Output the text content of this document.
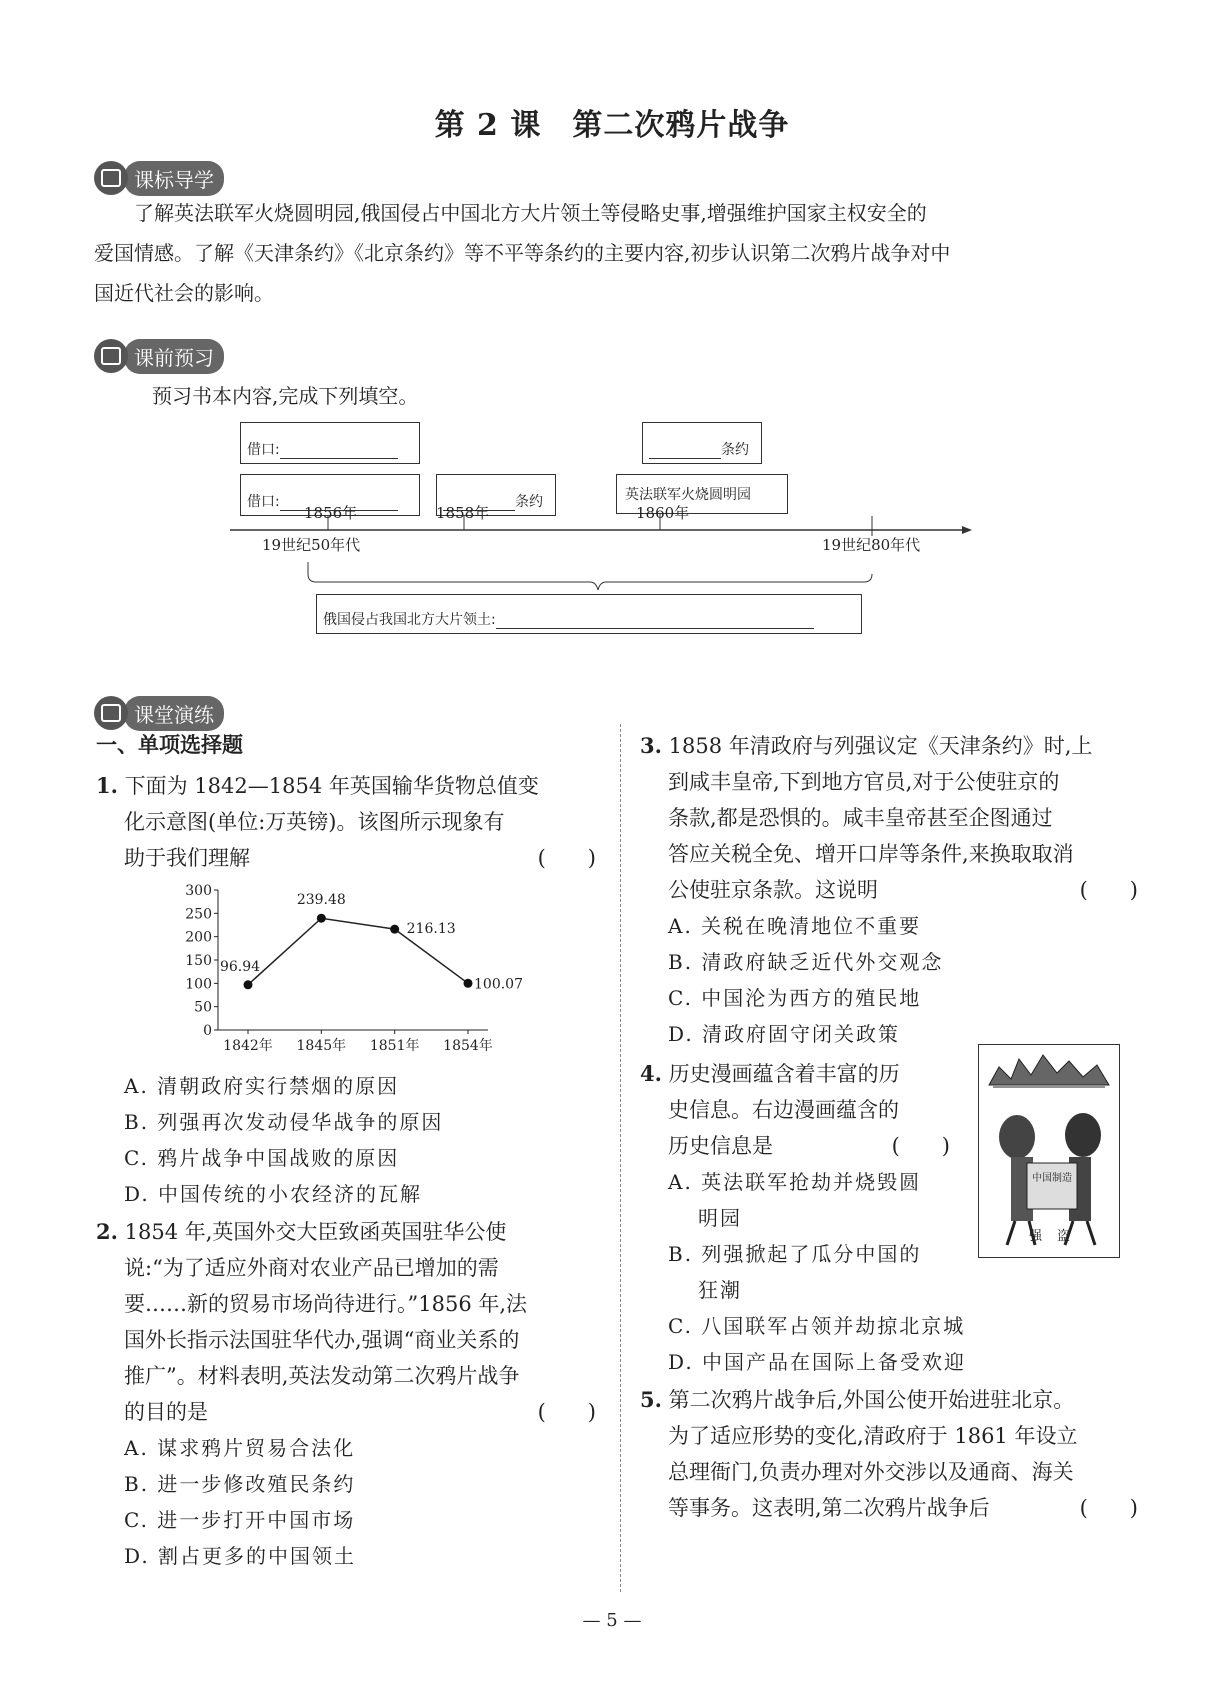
第 2 课　第二次鸦片战争
课标导学
了解英法联军火烧圆明园,俄国侵占中国北方大片领土等侵略史事,增强维护国家主权安全的
爱国情感。了解《天津条约》《北京条约》等不平等条约的主要内容,初步认识第二次鸦片战争对中
国近代社会的影响。
课前预习
预习书本内容,完成下列填空。
借口:
借口:	条约
条约
英法联军火烧圆明园
1856年	1858年	1860年
19世纪50年代	19世纪80年代
俄国侵占我国北方大片领土:
课堂演练
一、单项选择题
1. 下面为 1842—1854 年英国输华货物总值变
化示意图(单位:万英镑)。该图所示现象有
助于我们理解	(　　)
300
250
200
150
100
50
0
1842年 1845年 1851年 1854年
96.94
239.48
216.13
100.07
A. 清朝政府实行禁烟的原因
B. 列强再次发动侵华战争的原因
C. 鸦片战争中国战败的原因
D. 中国传统的小农经济的瓦解
2. 1854 年,英国外交大臣致函英国驻华公使
说:“为了适应外商对农业产品已增加的需
要……新的贸易市场尚待进行。”1856 年,法
国外长指示法国驻华代办,强调“商业关系的
推广”。材料表明,英法发动第二次鸦片战争
的目的是	(　　)
A. 谋求鸦片贸易合法化
B. 进一步修改殖民条约
C. 进一步打开中国市场
D. 割占更多的中国领土
3. 1858 年清政府与列强议定《天津条约》时,上
到咸丰皇帝,下到地方官员,对于公使驻京的
条款,都是恐惧的。咸丰皇帝甚至企图通过
答应关税全免、增开口岸等条件,来换取取消
公使驻京条款。这说明	(　　)
A. 关税在晚清地位不重要
B. 清政府缺乏近代外交观念
C. 中国沦为西方的殖民地
D. 清政府固守闭关政策
4. 历史漫画蕴含着丰富的历
史信息。右边漫画蕴含的
历史信息是	(　　)
A. 英法联军抢劫并烧毁圆
明园
B. 列强掀起了瓜分中国的
狂潮
C. 八国联军占领并劫掠北京城
D. 中国产品在国际上备受欢迎
中国制造
强 盗
5. 第二次鸦片战争后,外国公使开始进驻北京。
为了适应形势的变化,清政府于 1861 年设立
总理衙门,负责办理对外交涉以及通商、海关
等事务。这表明,第二次鸦片战争后	(　　)
— 5 —
